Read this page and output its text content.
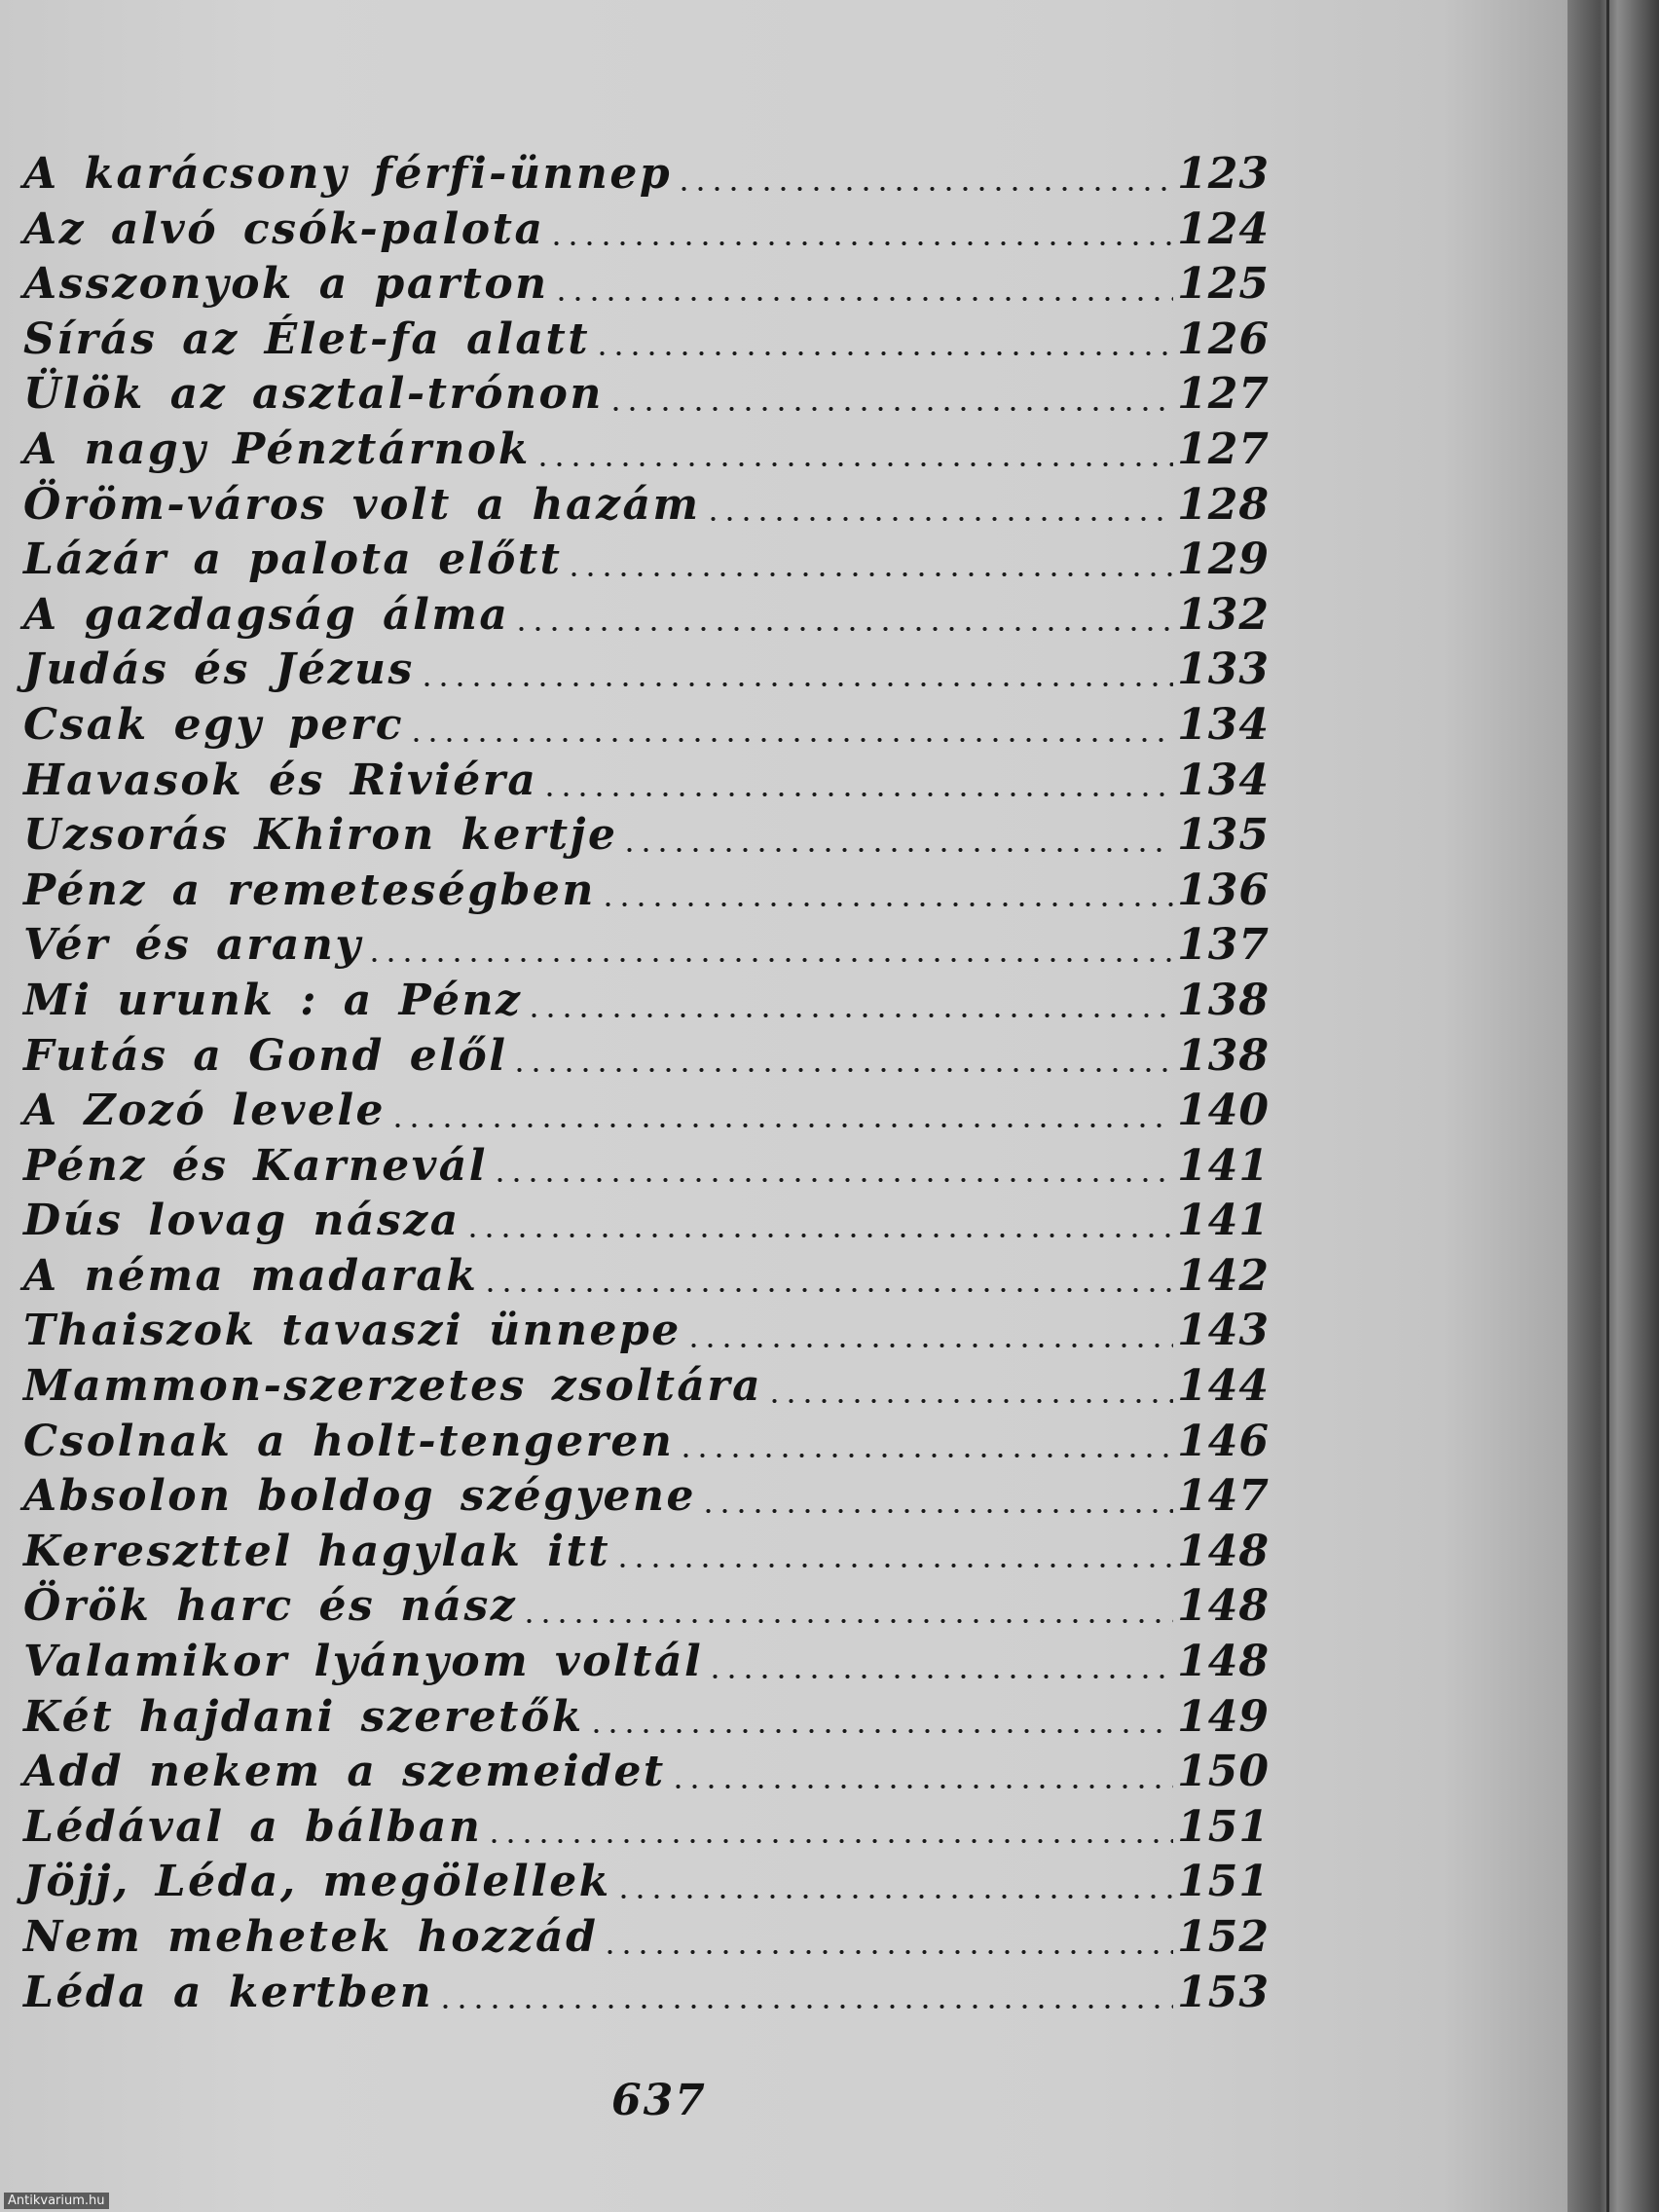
A karácsony férfi-ünnep	123
Az alvó csók-palota	124
Asszonyok a parton	125
Sírás az Élet-fa alatt	126
Ülök az asztal-trónon	127
A nagy Pénztárnok	127
Öröm-város volt a hazám	128
Lázár a palota előtt	129
A gazdagság álma	132
Judás és Jézus	133
Csak egy perc	134
Havasok és Riviéra	134
Uzsorás Khiron kertje	135
Pénz a remeteségben	136
Vér és arany	137
Mi urunk : a Pénz	138
Futás a Gond elől	138
A Zozó levele	140
Pénz és Karnevál	141
Dús lovag násza	141
A néma madarak	142
Thaiszok tavaszi ünnepe	143
Mammon-szerzetes zsoltára	144
Csolnak a holt-tengeren	146
Absolon boldog szégyene	147
Kereszttel hagylak itt	148
Örök harc és nász	148
Valamikor lyányom voltál	148
Két hajdani szeretők	149
Add nekem a szemeidet	150
Lédával a bálban	151
Jöjj, Léda, megölellek	151
Nem mehetek hozzád	152
Léda a kertben	153
637
Antikvarium.hu
